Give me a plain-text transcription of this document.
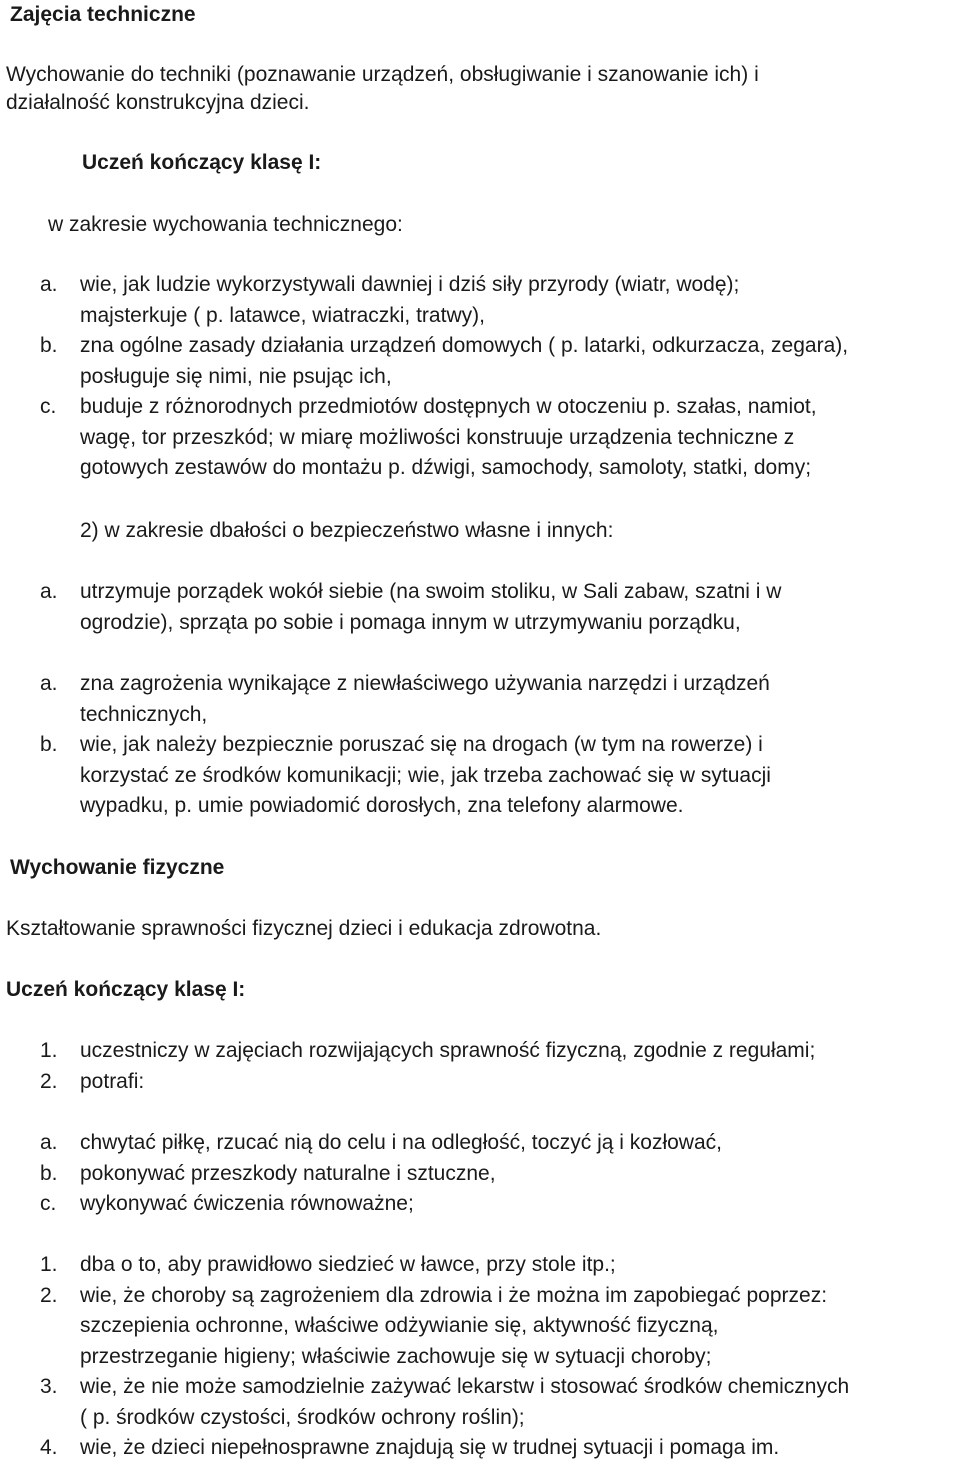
Zajęcia techniczne
Wychowanie do techniki (poznawanie urządzeń, obsługiwanie i szanowanie ich) i
działalność konstrukcyjna dzieci.
Uczeń kończący klasę I:
w zakresie wychowania technicznego:
a. wie, jak ludzie wykorzystywali dawniej i dziś siły przyrody (wiatr, wodę);
majsterkuje ( p. latawce, wiatraczki, tratwy),
b. zna ogólne zasady działania urządzeń domowych ( p. latarki, odkurzacza, zegara),
posługuje się nimi, nie psując ich,
c. buduje z różnorodnych przedmiotów dostępnych w otoczeniu p. szałas, namiot,
wagę, tor przeszkód; w miarę możliwości konstruuje urządzenia techniczne z
gotowych zestawów do montażu p. dźwigi, samochody, samoloty, statki, domy;
2) w zakresie dbałości o bezpieczeństwo własne i innych:
a. utrzymuje porządek wokół siebie (na swoim stoliku, w Sali zabaw, szatni i w
ogrodzie), sprząta po sobie i pomaga innym w utrzymywaniu porządku,
a. zna zagrożenia wynikające z niewłaściwego używania narzędzi i urządzeń
technicznych,
b. wie, jak należy bezpiecznie poruszać się na drogach (w tym na rowerze) i
korzystać ze środków komunikacji; wie, jak trzeba zachować się w sytuacji
wypadku, p. umie powiadomić dorosłych, zna telefony alarmowe.
Wychowanie fizyczne
Kształtowanie sprawności fizycznej dzieci i edukacja zdrowotna.
Uczeń kończący klasę I:
1. uczestniczy w zajęciach rozwijających sprawność fizyczną, zgodnie z regułami;
2. potrafi:
a. chwytać piłkę, rzucać nią do celu i na odległość, toczyć ją i kozłować,
b. pokonywać przeszkody naturalne i sztuczne,
c. wykonywać ćwiczenia równoważne;
1. dba o to, aby prawidłowo siedzieć w ławce, przy stole itp.;
2. wie, że choroby są zagrożeniem dla zdrowia i że można im zapobiegać poprzez:
szczepienia ochronne, właściwe odżywianie się, aktywność fizyczną,
przestrzeganie higieny; właściwie zachowuje się w sytuacji choroby;
3. wie, że nie może samodzielnie zażywać lekarstw i stosować środków chemicznych
( p. środków czystości, środków ochrony roślin);
4. wie, że dzieci niepełnosprawne znajdują się w trudnej sytuacji i pomaga im.
